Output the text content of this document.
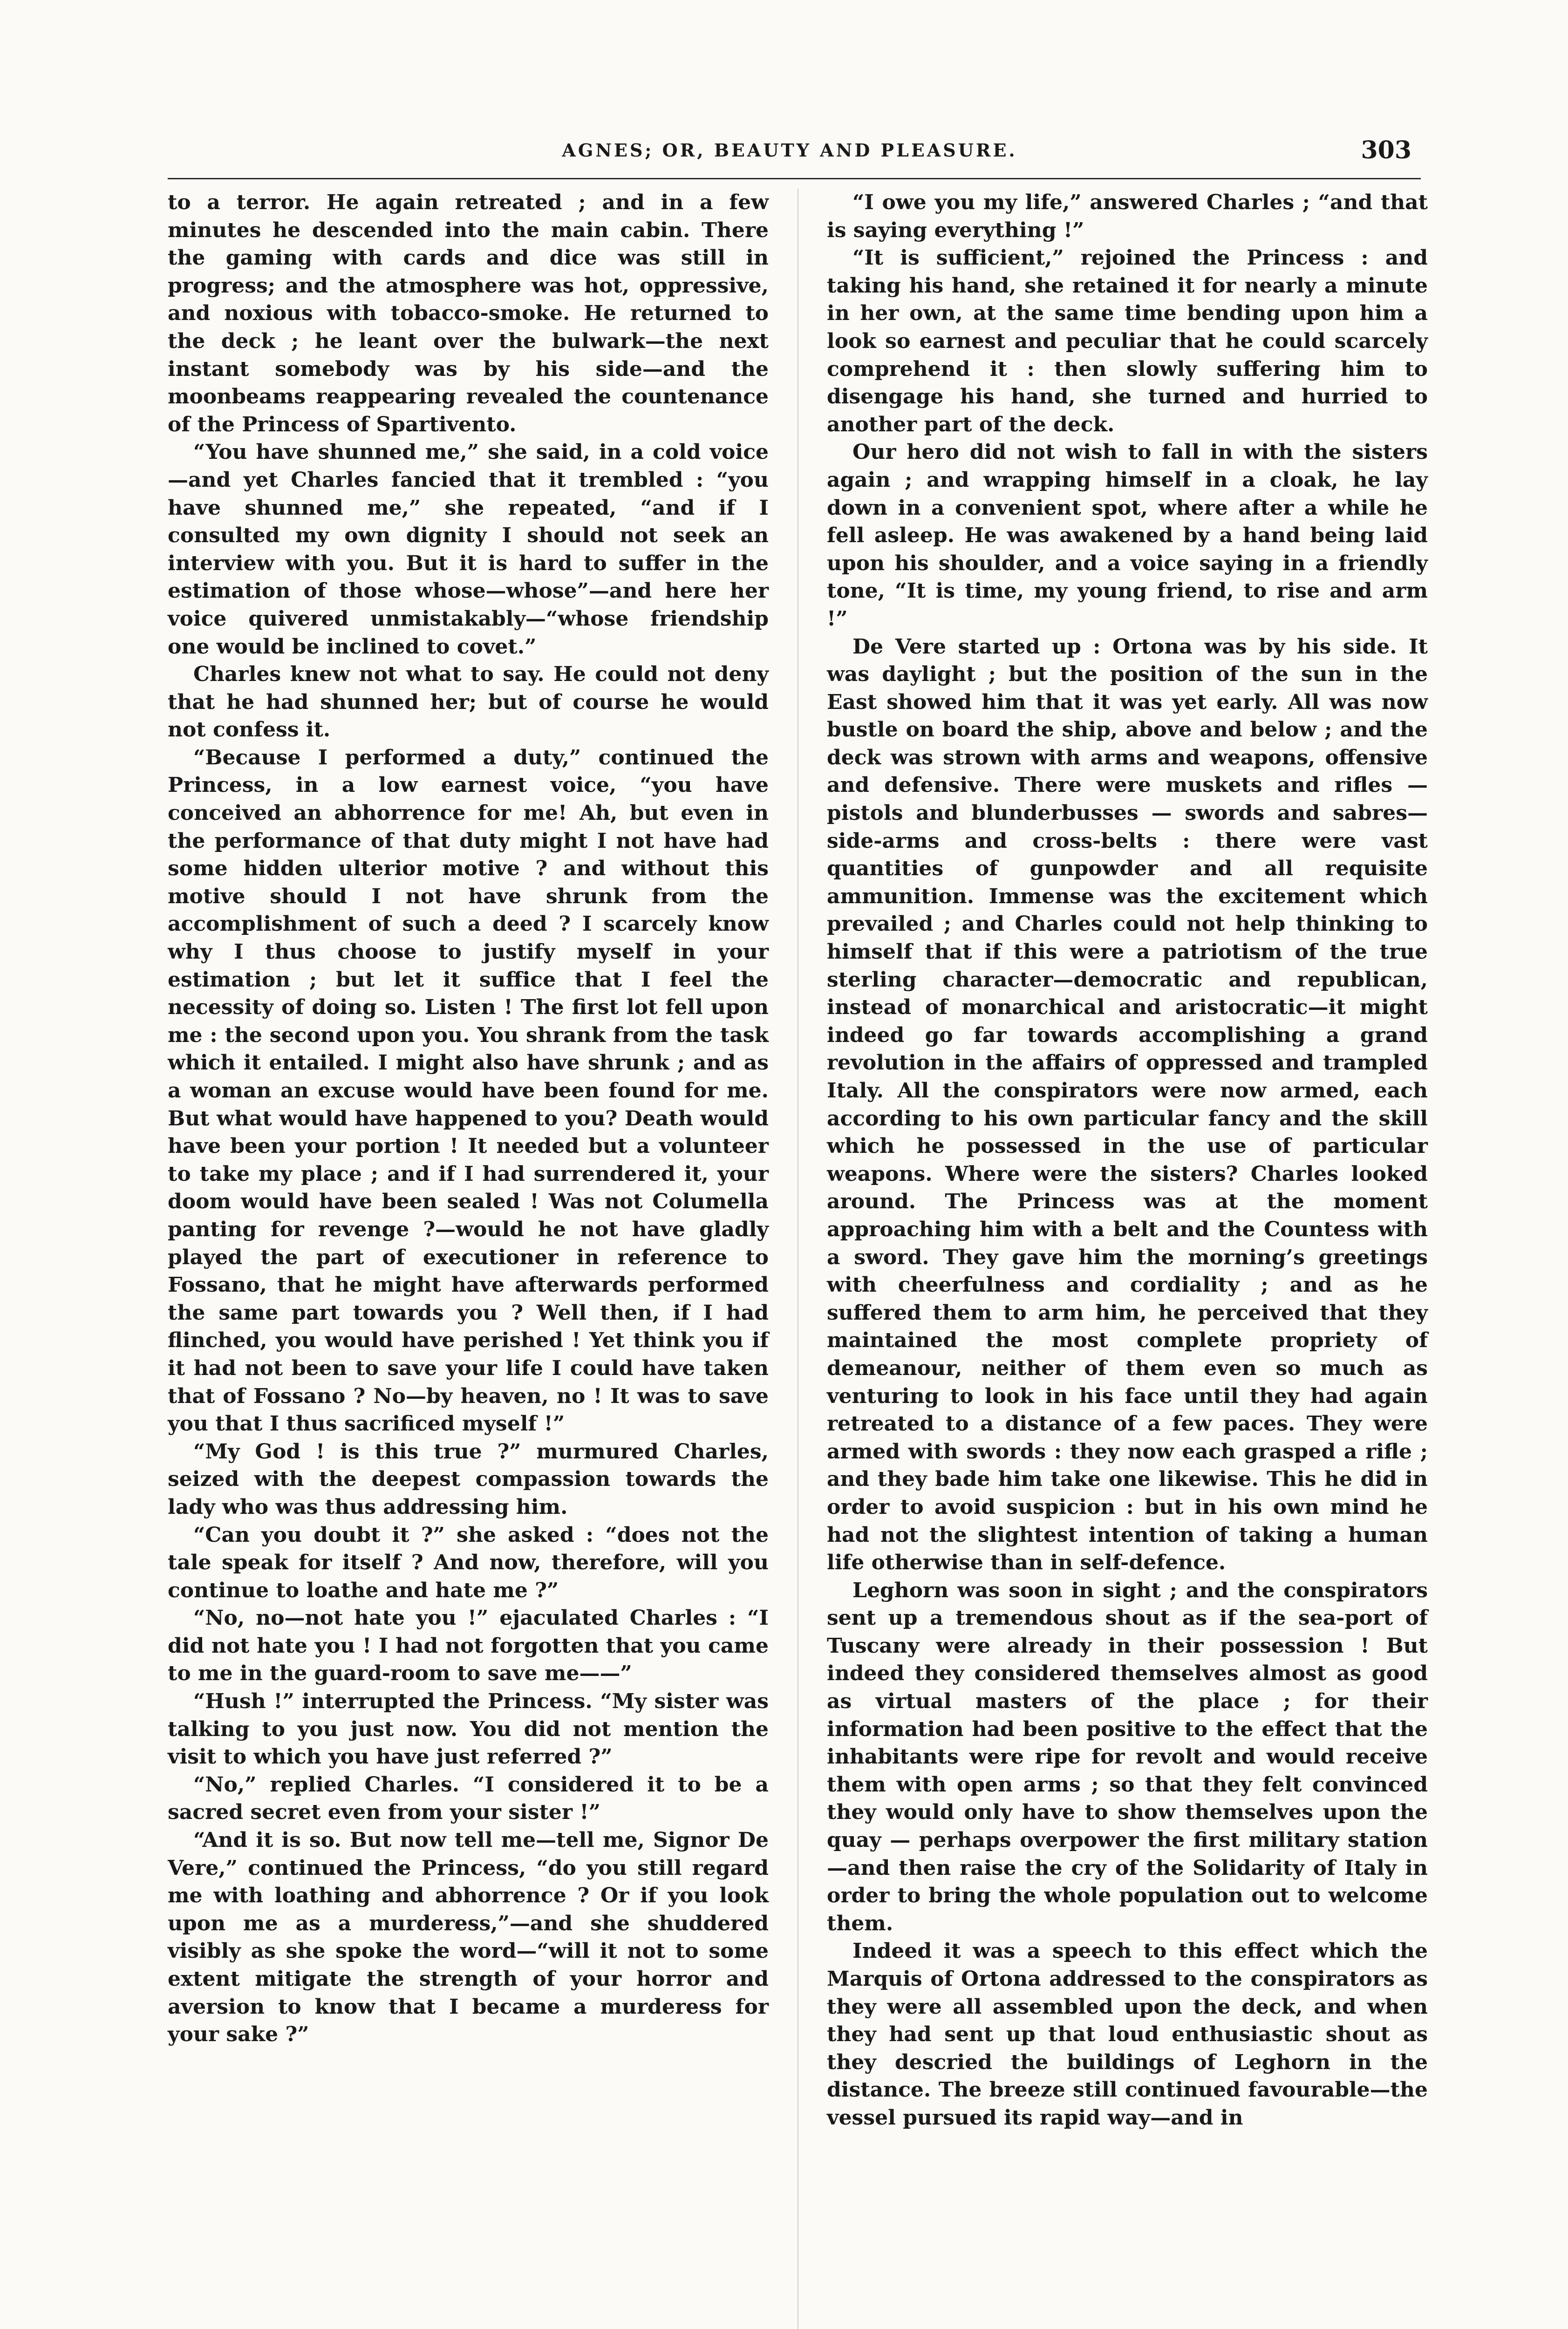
AGNES; OR, BEAUTY AND PLEASURE.	303

to a terror. He again retreated ; and in a few minutes he descended into the main cabin. There the gaming with cards and dice was still in progress; and the atmosphere was hot, oppressive, and noxious with tobacco-smoke. He returned to the deck ; he leant over the bulwark—the next instant somebody was by his side—and the moonbeams reappearing revealed the countenance of the Princess of Spartivento.

“You have shunned me,” she said, in a cold voice—and yet Charles fancied that it trembled : “you have shunned me,” she repeated, “and if I consulted my own dignity I should not seek an interview with you. But it is hard to suffer in the estimation of those whose—whose”—and here her voice quivered unmistakably—“whose friendship one would be inclined to covet.”

Charles knew not what to say. He could not deny that he had shunned her; but of course he would not confess it.

“Because I performed a duty,” continued the Princess, in a low earnest voice, “you have conceived an abhorrence for me! Ah, but even in the performance of that duty might I not have had some hidden ulterior motive ? and without this motive should I not have shrunk from the accomplishment of such a deed ? I scarcely know why I thus choose to justify myself in your estimation ; but let it suffice that I feel the necessity of doing so. Listen ! The first lot fell upon me : the second upon you. You shrank from the task which it entailed. I might also have shrunk ; and as a woman an excuse would have been found for me. But what would have happened to you? Death would have been your portion ! It needed but a volunteer to take my place ; and if I had surrendered it, your doom would have been sealed ! Was not Columella panting for revenge ?—would he not have gladly played the part of executioner in reference to Fossano, that he might have afterwards performed the same part towards you ? Well then, if I had flinched, you would have perished ! Yet think you if it had not been to save your life I could have taken that of Fossano ? No—by heaven, no ! It was to save you that I thus sacrificed myself !”

“My God ! is this true ?” murmured Charles, seized with the deepest compassion towards the lady who was thus addressing him.

“Can you doubt it ?” she asked : “does not the tale speak for itself ? And now, therefore, will you continue to loathe and hate me ?”

“No, no—not hate you !” ejaculated Charles : “I did not hate you ! I had not forgotten that you came to me in the guard-room to save me——”

“Hush !” interrupted the Princess. “My sister was talking to you just now. You did not mention the visit to which you have just referred ?”

“No,” replied Charles. “I considered it to be a sacred secret even from your sister !”

“And it is so. But now tell me—tell me, Signor De Vere,” continued the Princess, “do you still regard me with loathing and abhorrence ? Or if you look upon me as a murderess,”—and she shuddered visibly as she spoke the word—“will it not to some extent mitigate the strength of your horror and aversion to know that I became a murderess for your sake ?”

“I owe you my life,” answered Charles ; “and that is saying everything !”

“It is sufficient,” rejoined the Princess : and taking his hand, she retained it for nearly a minute in her own, at the same time bending upon him a look so earnest and peculiar that he could scarcely comprehend it : then slowly suffering him to disengage his hand, she turned and hurried to another part of the deck.

Our hero did not wish to fall in with the sisters again ; and wrapping himself in a cloak, he lay down in a convenient spot, where after a while he fell asleep. He was awakened by a hand being laid upon his shoulder, and a voice saying in a friendly tone, “It is time, my young friend, to rise and arm !”

De Vere started up : Ortona was by his side. It was daylight ; but the position of the sun in the East showed him that it was yet early. All was now bustle on board the ship, above and below ; and the deck was strown with arms and weapons, offensive and defensive. There were muskets and rifles — pistols and blunderbusses — swords and sabres—side-arms and cross-belts : there were vast quantities of gunpowder and all requisite ammunition. Immense was the excitement which prevailed ; and Charles could not help thinking to himself that if this were a patriotism of the true sterling character—democratic and republican, instead of monarchical and aristocratic—it might indeed go far towards accomplishing a grand revolution in the affairs of oppressed and trampled Italy. All the conspirators were now armed, each according to his own particular fancy and the skill which he possessed in the use of particular weapons. Where were the sisters? Charles looked around. The Princess was at the moment approaching him with a belt and the Countess with a sword. They gave him the morning’s greetings with cheerfulness and cordiality ; and as he suffered them to arm him, he perceived that they maintained the most complete propriety of demeanour, neither of them even so much as venturing to look in his face until they had again retreated to a distance of a few paces. They were armed with swords : they now each grasped a rifle ; and they bade him take one likewise. This he did in order to avoid suspicion : but in his own mind he had not the slightest intention of taking a human life otherwise than in self-defence.

Leghorn was soon in sight ; and the conspirators sent up a tremendous shout as if the sea-port of Tuscany were already in their possession ! But indeed they considered themselves almost as good as virtual masters of the place ; for their information had been positive to the effect that the inhabitants were ripe for revolt and would receive them with open arms ; so that they felt convinced they would only have to show themselves upon the quay — perhaps overpower the first military station—and then raise the cry of the Solidarity of Italy in order to bring the whole population out to welcome them.

Indeed it was a speech to this effect which the Marquis of Ortona addressed to the conspirators as they were all assembled upon the deck, and when they had sent up that loud enthusiastic shout as they descried the buildings of Leghorn in the distance. The breeze still continued favourable—the vessel pursued its rapid way—and in
